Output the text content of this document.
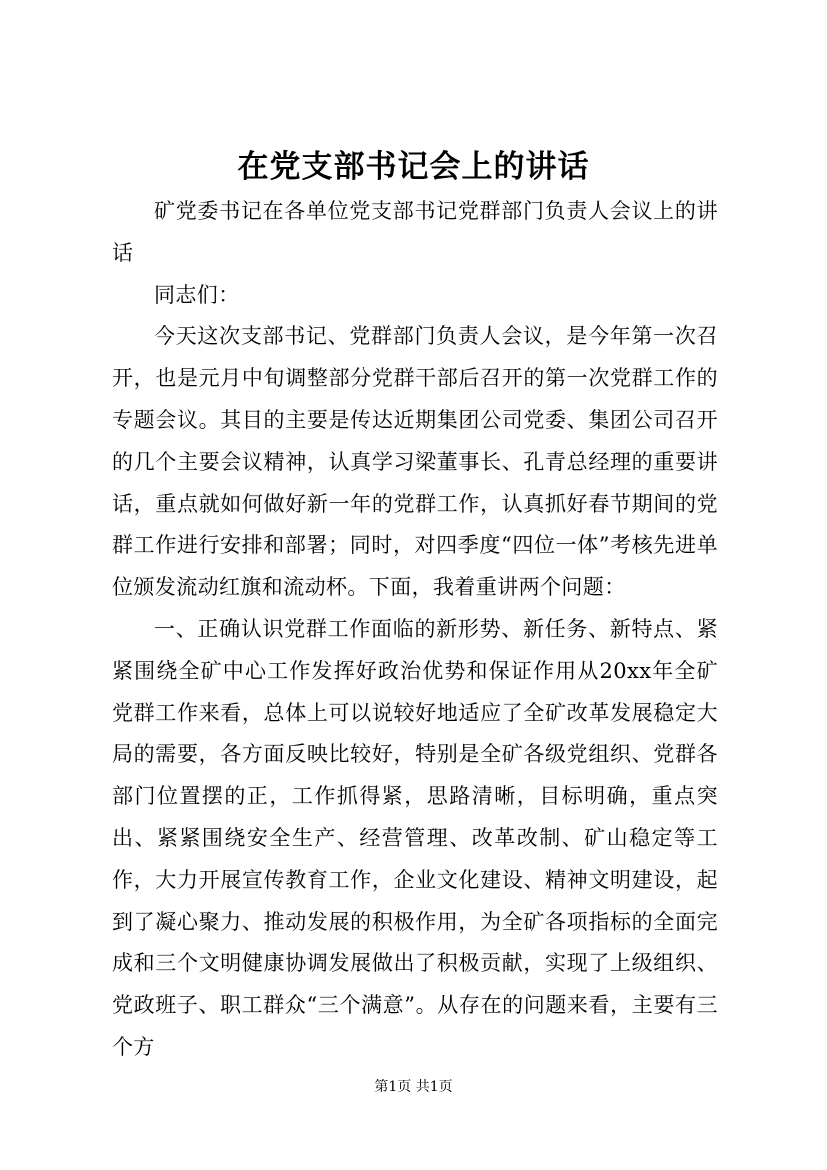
在党支部书记会上的讲话

矿党委书记在各单位党支部书记党群部门负责人会议上的讲话

同志们：

今天这次支部书记、党群部门负责人会议，是今年第一次召开，也是元月中旬调整部分党群干部后召开的第一次党群工作的专题会议。其目的主要是传达近期集团公司党委、集团公司召开的几个主要会议精神，认真学习梁董事长、孔青总经理的重要讲话，重点就如何做好新一年的党群工作，认真抓好春节期间的党群工作进行安排和部署；同时，对四季度“四位一体”考核先进单位颁发流动红旗和流动杯。下面，我着重讲两个问题：

一、正确认识党群工作面临的新形势、新任务、新特点、紧紧围绕全矿中心工作发挥好政治优势和保证作用从20xx年全矿党群工作来看，总体上可以说较好地适应了全矿改革发展稳定大局的需要，各方面反映比较好，特别是全矿各级党组织、党群各部门位置摆的正，工作抓得紧，思路清晰，目标明确，重点突出、紧紧围绕安全生产、经营管理、改革改制、矿山稳定等工作，大力开展宣传教育工作，企业文化建设、精神文明建设，起到了凝心聚力、推动发展的积极作用，为全矿各项指标的全面完成和三个文明健康协调发展做出了积极贡献，实现了上级组织、党政班子、职工群众“三个满意”。从存在的问题来看，主要有三个方

第1页 共1页
